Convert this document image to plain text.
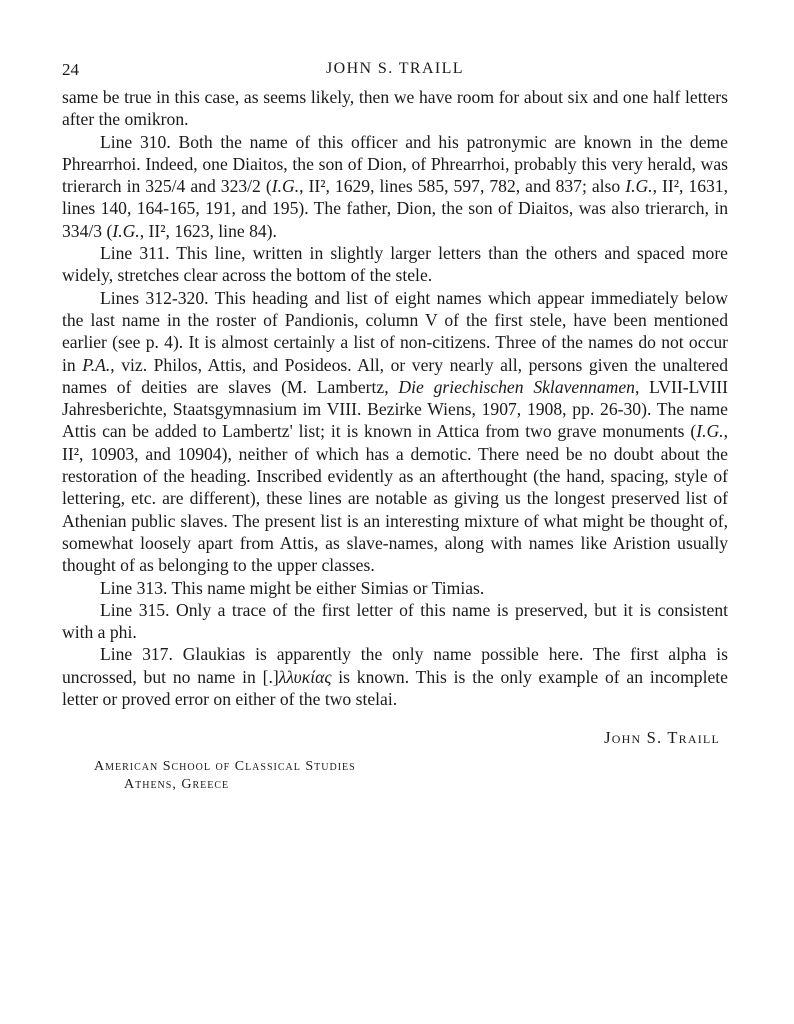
24	JOHN S. TRAILL

same be true in this case, as seems likely, then we have room for about six and one half letters after the omikron.

Line 310. Both the name of this officer and his patronymic are known in the deme Phrearrhoi. Indeed, one Diaitos, the son of Dion, of Phrearrhoi, probably this very herald, was trierarch in 325/4 and 323/2 (I.G., II², 1629, lines 585, 597, 782, and 837; also I.G., II², 1631, lines 140, 164-165, 191, and 195). The father, Dion, the son of Diaitos, was also trierarch, in 334/3 (I.G., II², 1623, line 84).

Line 311. This line, written in slightly larger letters than the others and spaced more widely, stretches clear across the bottom of the stele.

Lines 312-320. This heading and list of eight names which appear immediately below the last name in the roster of Pandionis, column V of the first stele, have been mentioned earlier (see p. 4). It is almost certainly a list of non-citizens. Three of the names do not occur in P.A., viz. Philos, Attis, and Posideos. All, or very nearly all, persons given the unaltered names of deities are slaves (M. Lambertz, Die griechischen Sklavennamen, LVII-LVIII Jahresberichte, Staatsgymnasium im VIII. Bezirke Wiens, 1907, 1908, pp. 26-30). The name Attis can be added to Lambertz' list; it is known in Attica from two grave monuments (I.G., II², 10903, and 10904), neither of which has a demotic. There need be no doubt about the restoration of the heading. Inscribed evidently as an afterthought (the hand, spacing, style of lettering, etc. are different), these lines are notable as giving us the longest preserved list of Athenian public slaves. The present list is an interesting mixture of what might be thought of, somewhat loosely apart from Attis, as slave-names, along with names like Aristion usually thought of as belonging to the upper classes.

Line 313. This name might be either Simias or Timias.

Line 315. Only a trace of the first letter of this name is preserved, but it is consistent with a phi.

Line 317. Glaukias is apparently the only name possible here. The first alpha is uncrossed, but no name in [.]λλυκίας is known. This is the only example of an incomplete letter or proved error on either of the two stelai.

John S. Traill
American School of Classical Studies
Athens, Greece
